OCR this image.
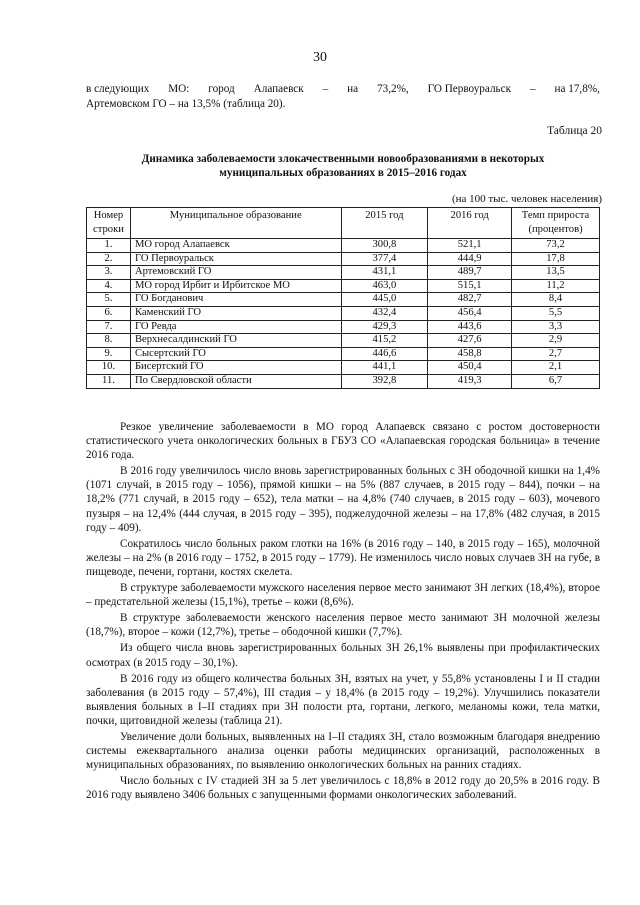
30
в следующих МО: город Алапаевск – на 73,2%, ГО Первоуральск – на 17,8%,
Артемовском ГО – на 13,5% (таблица 20).
Таблица 20
Динамика заболеваемости злокачественными новообразованиями в некоторых
муниципальных образованиях в 2015–2016 годах
(на 100 тыс. человек населения)
Номер строки	Муниципальное образование	2015 год	2016 год	Темп прироста (процентов)
1.	МО город Алапаевск	300,8	521,1	73,2
2.	ГО Первоуральск	377,4	444,9	17,8
3.	Артемовский ГО	431,1	489,7	13,5
4.	МО город Ирбит и Ирбитское МО	463,0	515,1	11,2
5.	ГО Богданович	445,0	482,7	8,4
6.	Каменский ГО	432,4	456,4	5,5
7.	ГО Ревда	429,3	443,6	3,3
8.	Верхнесалдинский ГО	415,2	427,6	2,9
9.	Сысертский ГО	446,6	458,8	2,7
10.	Бисертский ГО	441,1	450,4	2,1
11.	По Свердловской области	392,8	419,3	6,7

Резкое увеличение заболеваемости в МО город Алапаевск связано с ростом достоверности статистического учета онкологических больных в ГБУЗ СО «Алапаевская городская больница» в течение 2016 года.

В 2016 году увеличилось число вновь зарегистрированных больных с ЗН ободочной кишки на 1,4% (1071 случай, в 2015 году – 1056), прямой кишки – на 5% (887 случаев, в 2015 году – 844), почки – на 18,2% (771 случай, в 2015 году – 652), тела матки – на 4,8% (740 случаев, в 2015 году – 603), мочевого пузыря – на 12,4% (444 случая, в 2015 году – 395), поджелудочной железы – на 17,8% (482 случая, в 2015 году – 409).

Сократилось число больных раком глотки на 16% (в 2016 году – 140, в 2015 году – 165), молочной железы – на 2% (в 2016 году – 1752, в 2015 году – 1779). Не изменилось число новых случаев ЗН на губе, в пищеводе, печени, гортани, костях скелета.

В структуре заболеваемости мужского населения первое место занимают ЗН легких (18,4%), второе – предстательной железы (15,1%), третье – кожи (8,6%).

В структуре заболеваемости женского населения первое место занимают ЗН молочной железы (18,7%), второе – кожи (12,7%), третье – ободочной кишки (7,7%).

Из общего числа вновь зарегистрированных больных ЗН 26,1% выявлены при профилактических осмотрах (в 2015 году – 30,1%).

В 2016 году из общего количества больных ЗН, взятых на учет, у 55,8% установлены I и II стадии заболевания (в 2015 году – 57,4%), III стадия – у 18,4% (в 2015 году – 19,2%). Улучшились показатели выявления больных в I–II стадиях при ЗН полости рта, гортани, легкого, меланомы кожи, тела матки, почки, щитовидной железы (таблица 21).

Увеличение доли больных, выявленных на I–II стадиях ЗН, стало возможным благодаря внедрению системы ежеквартального анализа оценки работы медицинских организаций, расположенных в муниципальных образованиях, по выявлению онкологических больных на ранних стадиях.

Число больных с IV стадией ЗН за 5 лет увеличилось с 18,8% в 2012 году до 20,5% в 2016 году. В 2016 году выявлено 3406 больных с запущенными формами онкологических заболеваний.
